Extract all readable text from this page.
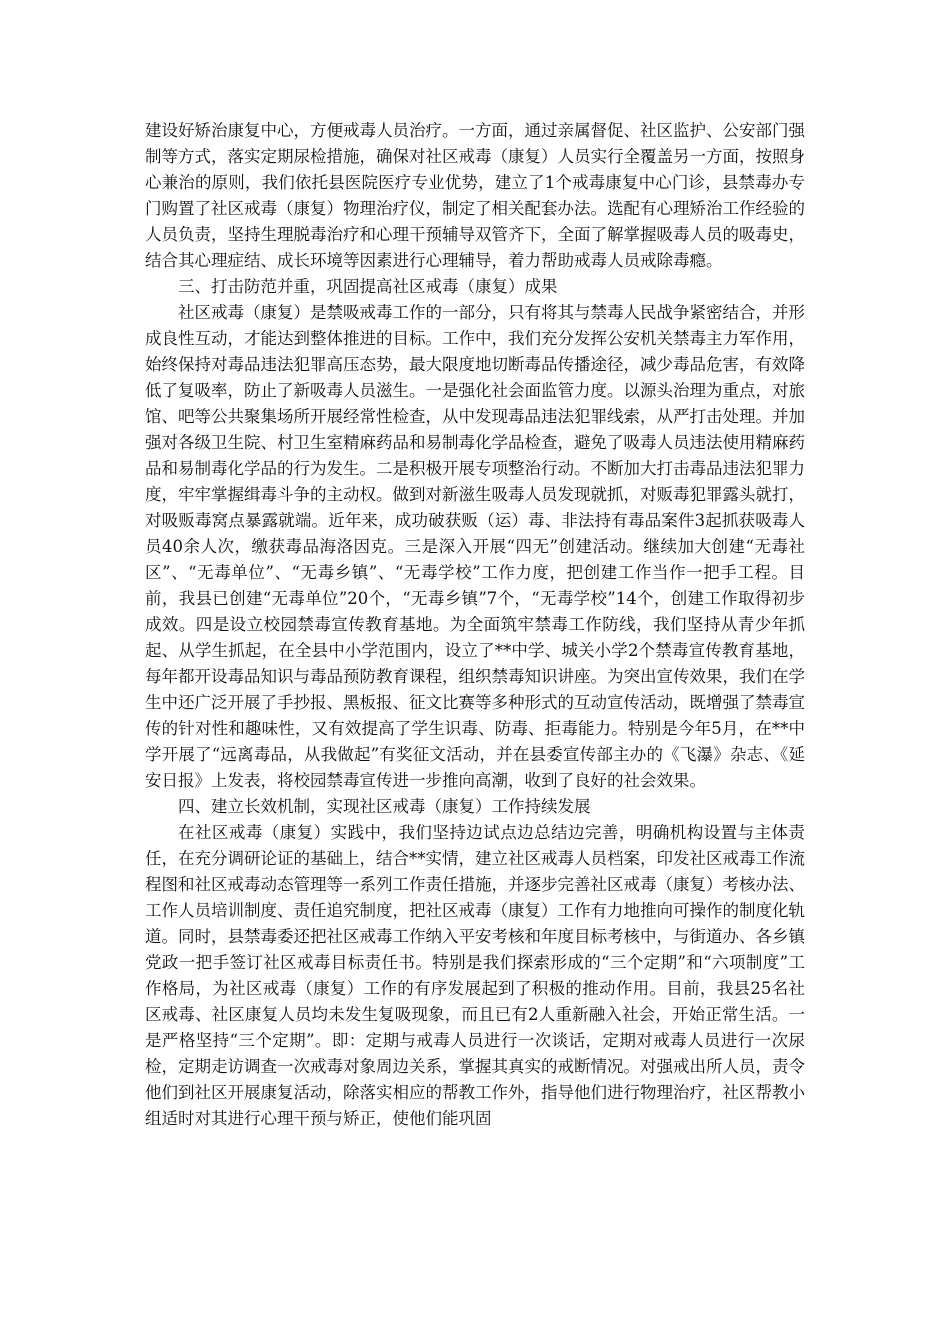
建设好矫治康复中心，方便戒毒人员治疗。一方面，通过亲属督促、社区监护、公安部门强制等方式，落实定期尿检措施，确保对社区戒毒（康复）人员实行全覆盖另一方面，按照身心兼治的原则，我们依托县医院医疗专业优势，建立了1个戒毒康复中心门诊，县禁毒办专门购置了社区戒毒（康复）物理治疗仪，制定了相关配套办法。选配有心理矫治工作经验的人员负责，坚持生理脱毒治疗和心理干预辅导双管齐下，全面了解掌握吸毒人员的吸毒史，结合其心理症结、成长环境等因素进行心理辅导，着力帮助戒毒人员戒除毒瘾。

三、打击防范并重，巩固提高社区戒毒（康复）成果

社区戒毒（康复）是禁吸戒毒工作的一部分，只有将其与禁毒人民战争紧密结合，并形成良性互动，才能达到整体推进的目标。工作中，我们充分发挥公安机关禁毒主力军作用，始终保持对毒品违法犯罪高压态势，最大限度地切断毒品传播途径，减少毒品危害，有效降低了复吸率，防止了新吸毒人员滋生。一是强化社会面监管力度。以源头治理为重点，对旅馆、吧等公共聚集场所开展经常性检查，从中发现毒品违法犯罪线索，从严打击处理。并加强对各级卫生院、村卫生室精麻药品和易制毒化学品检查，避免了吸毒人员违法使用精麻药品和易制毒化学品的行为发生。二是积极开展专项整治行动。不断加大打击毒品违法犯罪力度，牢牢掌握缉毒斗争的主动权。做到对新滋生吸毒人员发现就抓，对贩毒犯罪露头就打，对吸贩毒窝点暴露就端。近年来，成功破获贩（运）毒、非法持有毒品案件3起抓获吸毒人员40余人次，缴获毒品海洛因克。三是深入开展“四无”创建活动。继续加大创建“无毒社区”、“无毒单位”、“无毒乡镇”、“无毒学校”工作力度，把创建工作当作一把手工程。目前，我县已创建“无毒单位”20个，“无毒乡镇”7个，“无毒学校”14个，创建工作取得初步成效。四是设立校园禁毒宣传教育基地。为全面筑牢禁毒工作防线，我们坚持从青少年抓起、从学生抓起，在全县中小学范围内，设立了**中学、城关小学2个禁毒宣传教育基地，每年都开设毒品知识与毒品预防教育课程，组织禁毒知识讲座。为突出宣传效果，我们在学生中还广泛开展了手抄报、黑板报、征文比赛等多种形式的互动宣传活动，既增强了禁毒宣传的针对性和趣味性，又有效提高了学生识毒、防毒、拒毒能力。特别是今年5月，在**中学开展了“远离毒品，从我做起”有奖征文活动，并在县委宣传部主办的《飞瀑》杂志、《延安日报》上发表，将校园禁毒宣传进一步推向高潮，收到了良好的社会效果。

四、建立长效机制，实现社区戒毒（康复）工作持续发展

在社区戒毒（康复）实践中，我们坚持边试点边总结边完善，明确机构设置与主体责任，在充分调研论证的基础上，结合**实情，建立社区戒毒人员档案，印发社区戒毒工作流程图和社区戒毒动态管理等一系列工作责任措施，并逐步完善社区戒毒（康复）考核办法、工作人员培训制度、责任追究制度，把社区戒毒（康复）工作有力地推向可操作的制度化轨道。同时，县禁毒委还把社区戒毒工作纳入平安考核和年度目标考核中，与街道办、各乡镇党政一把手签订社区戒毒目标责任书。特别是我们探索形成的“三个定期”和“六项制度”工作格局，为社区戒毒（康复）工作的有序发展起到了积极的推动作用。目前，我县25名社区戒毒、社区康复人员均未发生复吸现象，而且已有2人重新融入社会，开始正常生活。一是严格坚持“三个定期”。即：定期与戒毒人员进行一次谈话，定期对戒毒人员进行一次尿检，定期走访调查一次戒毒对象周边关系，掌握其真实的戒断情况。对强戒出所人员，责令他们到社区开展康复活动，除落实相应的帮教工作外，指导他们进行物理治疗，社区帮教小组适时对其进行心理干预与矫正，使他们能巩固
